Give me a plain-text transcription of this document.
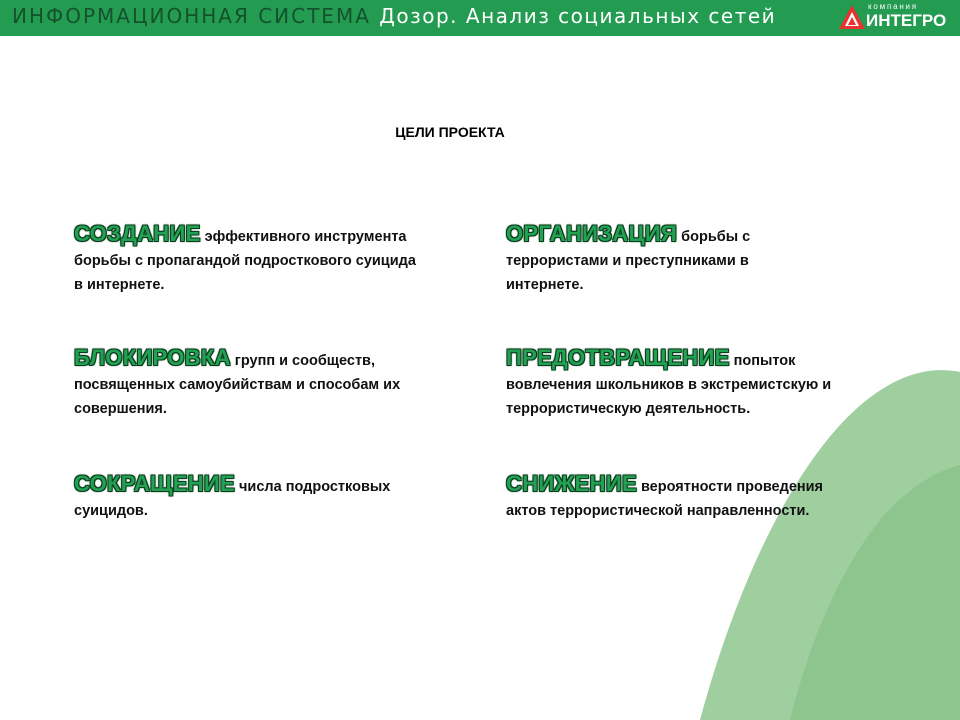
ИНФОРМАЦИОННАЯ СИСТЕМА Дозор. Анализ социальных сетей	компания
ИНТЕГРО
ЦЕЛИ ПРОЕКТА
СОЗДАНИЕ эффективного инструмента борьбы с пропагандой подросткового суицида в интернете.
ОРГАНИЗАЦИЯ борьбы с террористами и преступниками в интернете.
БЛОКИРОВКА групп и сообществ, посвященных самоубийствам и способам их совершения.
ПРЕДОТВРАЩЕНИЕ попыток вовлечения школьников в экстремистскую и террористическую деятельность.
СОКРАЩЕНИЕ числа подростковых суицидов.
СНИЖЕНИЕ вероятности проведения актов террористической направленности.
